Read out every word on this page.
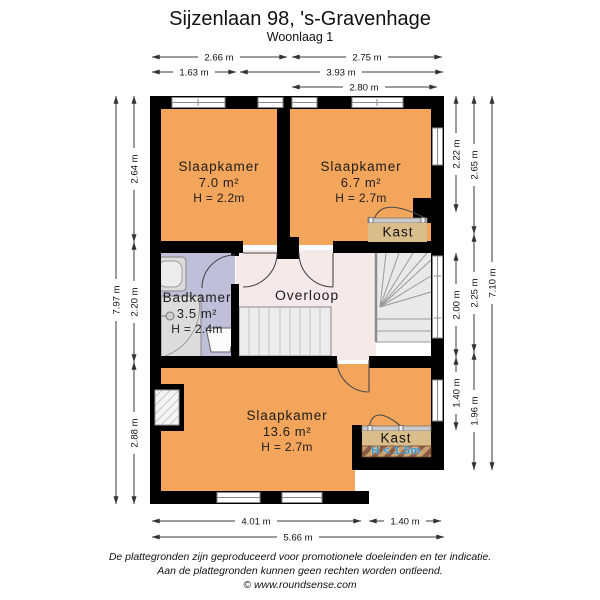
2.66 m	2.75 m
1.63 m	3.93 m
2.80 m
7.97 m
2.64 m
2.20 m
2.88 m
2.22 m
2.00 m
1.40 m
2.65 m
2.25 m
1.96 m
7.10 m
4.01 m	1.40 m
5.66 m
Sijzenlaan 98, 's-Gravenhage
Woonlaag 1
Slaapkamer
7.0 m²
H = 2.2m
Slaapkamer
6.7 m²
H = 2.7m
Badkamer
3.5 m²
H = 2.4m
Overloop
Slaapkamer
13.6 m²
H = 2.7m
Kast
Kast
H < 1.5m
De plattegronden zijn geproduceerd voor promotionele doeleinden en ter indicatie.
Aan de plattegronden kunnen geen rechten worden ontleend.
© www.roundsense.com
